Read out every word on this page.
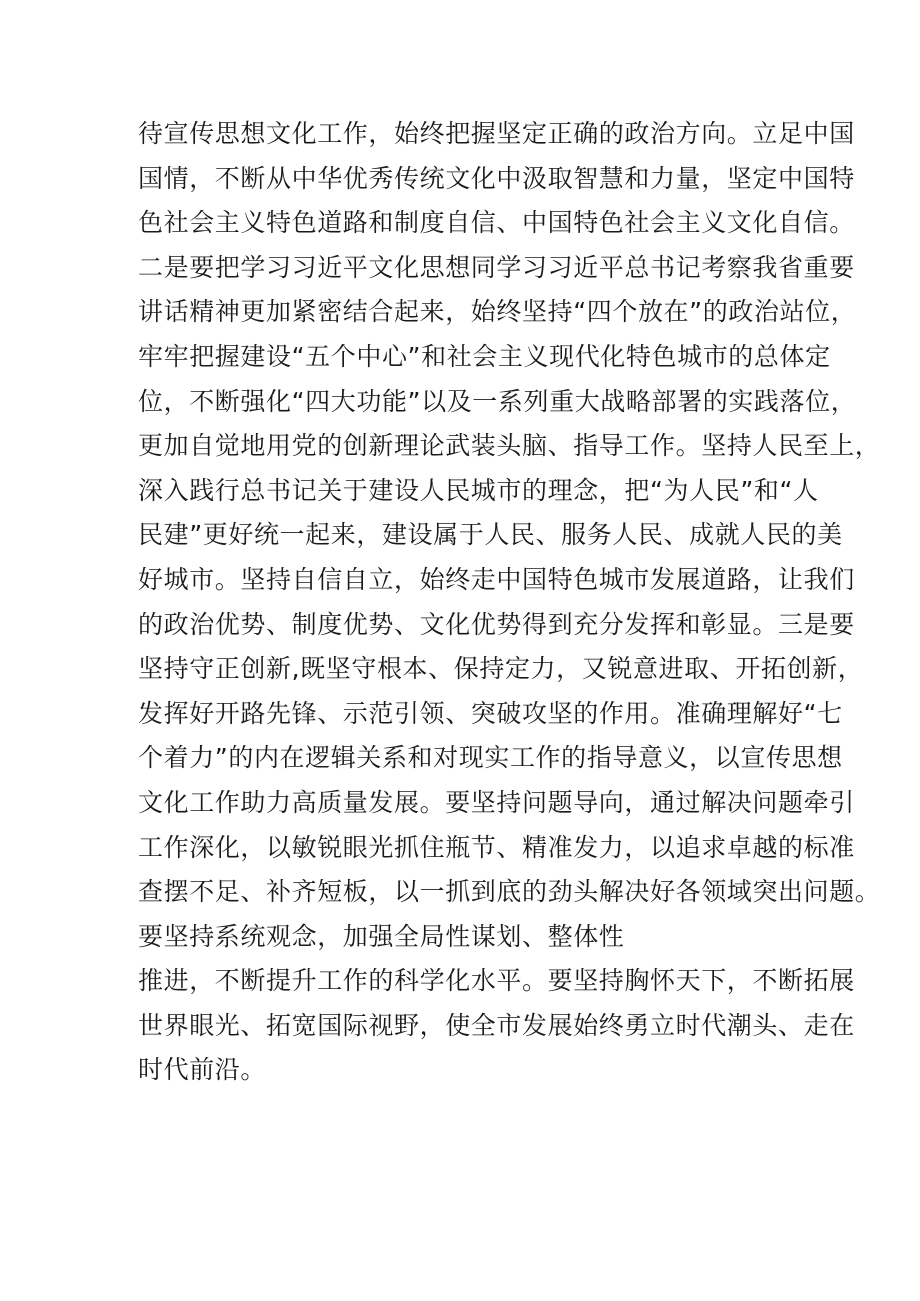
待宣传思想文化工作，始终把握坚定正确的政治方向。立足中国
国情，不断从中华优秀传统文化中汲取智慧和力量，坚定中国特
色社会主义特色道路和制度自信、中国特色社会主义文化自信。
二是要把学习习近平文化思想同学习习近平总书记考察我省重要
讲话精神更加紧密结合起来，始终坚持“四个放在”的政治站位，
牢牢把握建设“五个中心”和社会主义现代化特色城市的总体定
位，不断强化“四大功能”以及一系列重大战略部署的实践落位，
更加自觉地用党的创新理论武装头脑、指导工作。坚持人民至上，
深入践行总书记关于建设人民城市的理念，把“为人民”和“人
民建”更好统一起来，建设属于人民、服务人民、成就人民的美
好城市。坚持自信自立，始终走中国特色城市发展道路，让我们
的政治优势、制度优势、文化优势得到充分发挥和彰显。三是要
坚持守正创新,既坚守根本、保持定力，又锐意进取、开拓创新，
发挥好开路先锋、示范引领、突破攻坚的作用。准确理解好“七
个着力”的内在逻辑关系和对现实工作的指导意义，以宣传思想
文化工作助力高质量发展。要坚持问题导向，通过解决问题牵引
工作深化，以敏锐眼光抓住瓶节、精准发力，以追求卓越的标准
查摆不足、补齐短板，以一抓到底的劲头解决好各领域突出问题。
要坚持系统观念，加强全局性谋划、整体性
推进，不断提升工作的科学化水平。要坚持胸怀天下，不断拓展
世界眼光、拓宽国际视野，使全市发展始终勇立时代潮头、走在
时代前沿。
